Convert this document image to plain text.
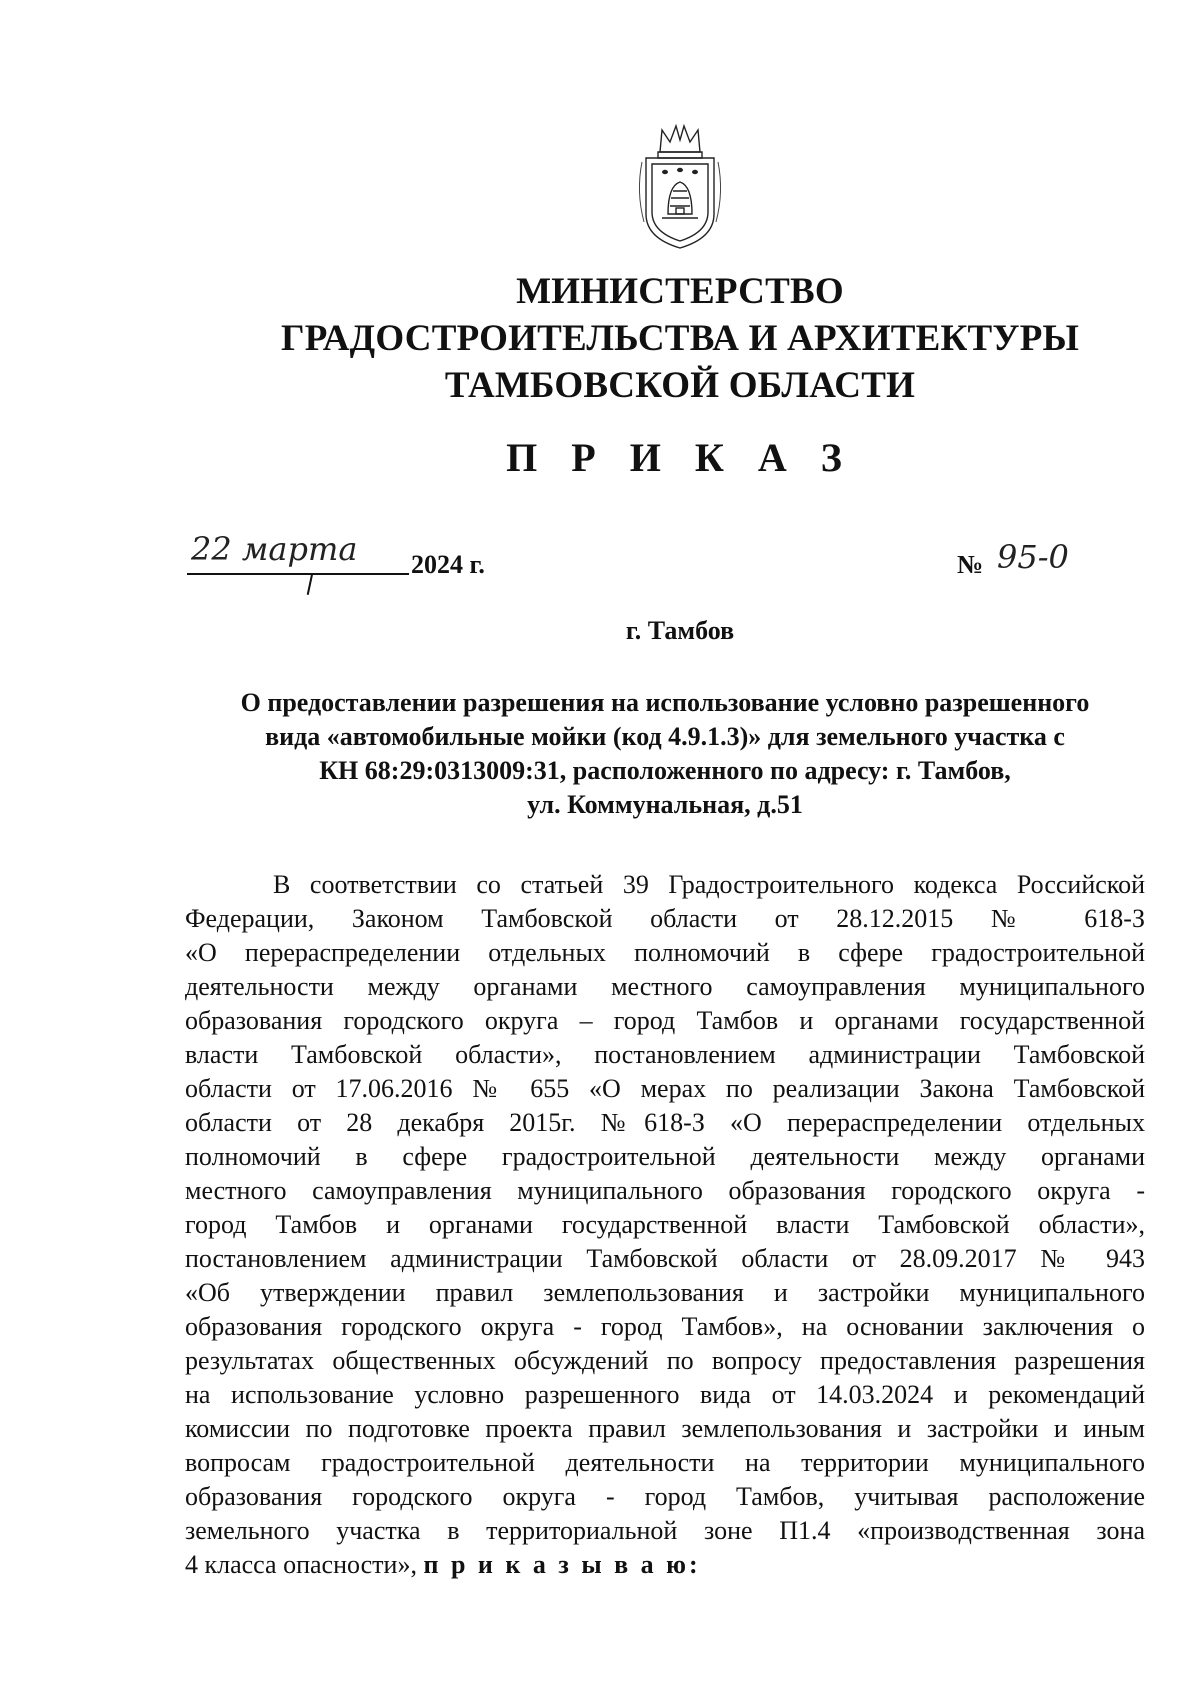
МИНИСТЕРСТВО
ГРАДОСТРОИТЕЛЬСТВА И АРХИТЕКТУРЫ
ТАМБОВСКОЙ ОБЛАСТИ
П Р И К А З
22 марта	2024 г.	№ 95-0
г. Тамбов
О предоставлении разрешения на использование условно разрешенного
вида «автомобильные мойки (код 4.9.1.3)» для земельного участка с
КН 68:29:0313009:31, расположенного по адресу: г. Тамбов,
ул. Коммунальная, д.51
В соответствии со статьей 39 Градостроительного кодекса Российской
Федерации, Законом Тамбовской области от 28.12.2015 № 618-З
«О перераспределении отдельных полномочий в сфере градостроительной
деятельности между органами местного самоуправления муниципального
образования городского округа – город Тамбов и органами государственной
власти Тамбовской области», постановлением администрации Тамбовской
области от 17.06.2016 № 655 «О мерах по реализации Закона Тамбовской
области от 28 декабря 2015г. №618-З «О перераспределении отдельных
полномочий в сфере градостроительной деятельности между органами
местного самоуправления муниципального образования городского округа -
город Тамбов и органами государственной власти Тамбовской области»,
постановлением администрации Тамбовской области от 28.09.2017 № 943
«Об утверждении правил землепользования и застройки муниципального
образования городского округа - город Тамбов», на основании заключения о
результатах общественных обсуждений по вопросу предоставления разрешения
на использование условно разрешенного вида от 14.03.2024 и рекомендаций
комиссии по подготовке проекта правил землепользования и застройки и иным
вопросам градостроительной деятельности на территории муниципального
образования городского округа - город Тамбов, учитывая расположение
земельного участка в территориальной зоне П1.4 «производственная зона
4 класса опасности», п р и к а з ы в а ю:
